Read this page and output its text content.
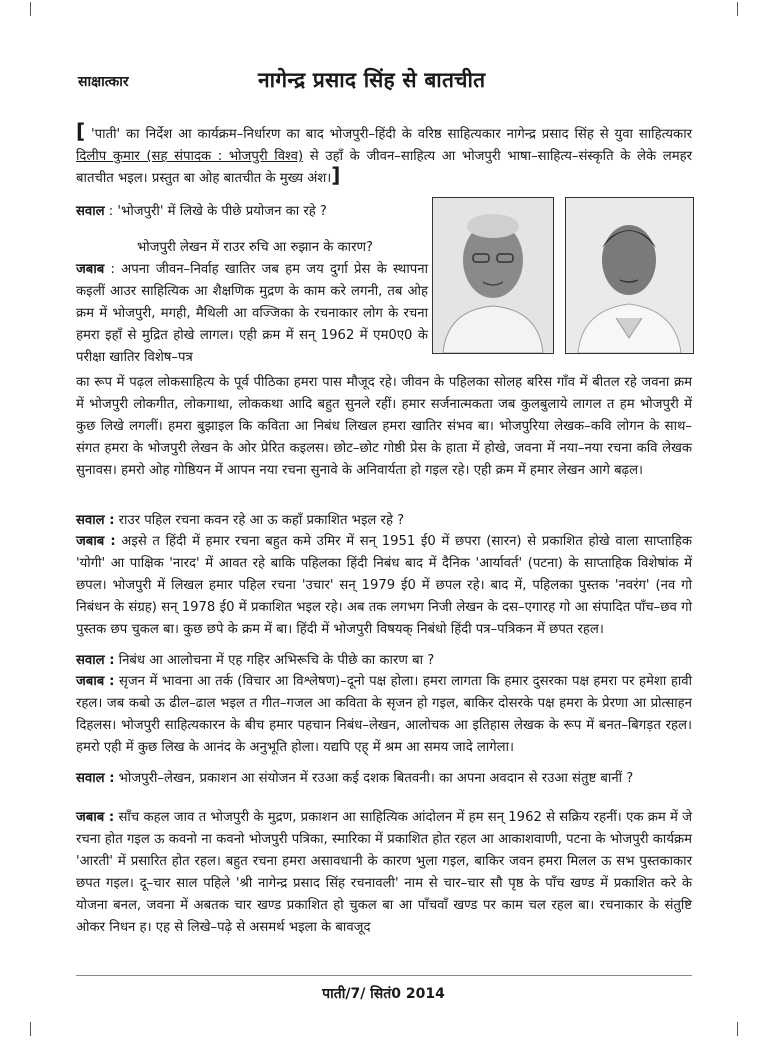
साक्षात्कार	नागेन्द्र प्रसाद सिंह से बातचीत
[ 'पाती' का निर्देश आ कार्यक्रम–निर्धारण का बाद भोजपुरी–हिंदी के वरिष्ठ साहित्यकार नागेन्द्र प्रसाद सिंह से युवा साहित्यकार दिलीप कुमार (सह संपादक : भोजपुरी विश्व) से उहाँ के जीवन–साहित्य आ भोजपुरी भाषा–साहित्य–संस्कृति के लेके लमहर बातचीत भइल। प्रस्तुत बा ओह बातचीत के मुख्य अंश।]
सवाल : 'भोजपुरी' में लिखे के पीछे प्रयोजन का रहे ?
भोजपुरी लेखन में राउर रुचि आ रुझान के कारण?
जबाब : अपना जीवन–निर्वाह खातिर जब हम जय दुर्गा प्रेस के स्थापना कइलीं आउर साहित्यिक आ शैक्षणिक मुद्रण के काम करे लगनी, तब ओह क्रम में भोजपुरी, मगही, मैथिली आ वज्जिका के रचनाकार लोग के रचना हमरा इहाँ से मुद्रित होखे लागल। एही क्रम में सन् 1962 में एम0ए0 के परीक्षा खातिर विशेष–पत्र
का रूप में पढ़ल लोकसाहित्य के पूर्व पीठिका हमरा पास मौजूद रहे। जीवन के पहिलका सोलह बरिस गाँव में बीतल रहे जवना क्रम में भोजपुरी लोकगीत, लोकगाथा, लोककथा आदि बहुत सुनले रहीं। हमार सर्जनात्मकता जब कुलबुलाये लागल त हम भोजपुरी में कुछ लिखे लगलीं। हमरा बुझाइल कि कविता आ निबंध लिखल हमरा खातिर संभव बा। भोजपुरिया लेखक–कवि लोगन के साथ–संगत हमरा के भोजपुरी लेखन के ओर प्रेरित कइलस। छोट–छोट गोष्ठी प्रेस के हाता में होखे, जवना में नया–नया रचना कवि लेखक सुनावस। हमरो ओह गोष्ठियन में आपन नया रचना सुनावे के अनिवार्यता हो गइल रहे। एही क्रम में हमार लेखन आगे बढ़ल।
सवाल : राउर पहिल रचना कवन रहे आ ऊ कहाँ प्रकाशित भइल रहे ?
जबाब : अइसे त हिंदी में हमार रचना बहुत कमे उमिर में सन् 1951 ई0 में छपरा (सारन) से प्रकाशित होखे वाला साप्ताहिक 'योगी' आ पाक्षिक 'नारद' में आवत रहे बाकि पहिलका हिंदी निबंध बाद में दैनिक 'आर्यावर्त' (पटना) के साप्ताहिक विशेषांक में छपल। भोजपुरी में लिखल हमार पहिल रचना 'उचार' सन् 1979 ई0 में छपल रहे। बाद में, पहिलका पुस्तक 'नवरंग' (नव गो निबंधन के संग्रह) सन् 1978 ई0 में प्रकाशित भइल रहे। अब तक लगभग निजी लेखन के दस–एगारह गो आ संपादित पाँच–छव गो पुस्तक छप चुकल बा। कुछ छपे के क्रम में बा। हिंदी में भोजपुरी विषयक् निबंधो हिंदी पत्र–पत्रिकन में छपत रहल।
सवाल : निबंध आ आलोचना में एह गहिर अभिरूचि के पीछे का कारण बा ?
जबाब : सृजन में भावना आ तर्क (विचार आ विश्लेषण)–दूनो पक्ष होला। हमरा लागता कि हमार दुसरका पक्ष हमरा पर हमेशा हावी रहल। जब कबो ऊ ढील–ढाल भइल त गीत–गजल आ कविता के सृजन हो गइल, बाकिर दोसरके पक्ष हमरा के प्रेरणा आ प्रोत्साहन दिहलस। भोजपुरी साहित्यकारन के बीच हमार पहचान निबंध–लेखन, आलोचक आ इतिहास लेखक के रूप में बनत–बिगड़त रहल। हमरो एही में कुछ लिख के आनंद के अनुभूति होला। यद्यपि एह् में श्रम आ समय जादे लागेला।
सवाल : भोजपुरी–लेखन, प्रकाशन आ संयोजन में रउआ कई दशक बितवनी। का अपना अवदान से रउआ संतुष्ट बानीं ?
जबाब : साँच कहल जाव त भोजपुरी के मुद्रण, प्रकाशन आ साहित्यिक आंदोलन में हम सन् 1962 से सक्रिय रहनीं। एक क्रम में जे रचना होत गइल ऊ कवनो ना कवनो भोजपुरी पत्रिका, स्मारिका में प्रकाशित होत रहल आ आकाशवाणी, पटना के भोजपुरी कार्यक्रम 'आरती' में प्रसारित होत रहल। बहुत रचना हमरा असावधानी के कारण भुला गइल, बाकिर जवन हमरा मिलल ऊ सभ पुस्तकाकार छपत गइल। दू–चार साल पहिले 'श्री नागेन्द्र प्रसाद सिंह रचनावली' नाम से चार–चार सौ पृष्ठ के पाँच खण्ड में प्रकाशित करे के योजना बनल, जवना में अबतक चार खण्ड प्रकाशित हो चुकल बा आ पाँचवाँ खण्ड पर काम चल रहल बा। रचनाकार के संतुष्टि ओकर निधन ह। एह से लिखे–पढ़े से असमर्थ भइला के बावजूद
पाती/7/ सितं0 2014
